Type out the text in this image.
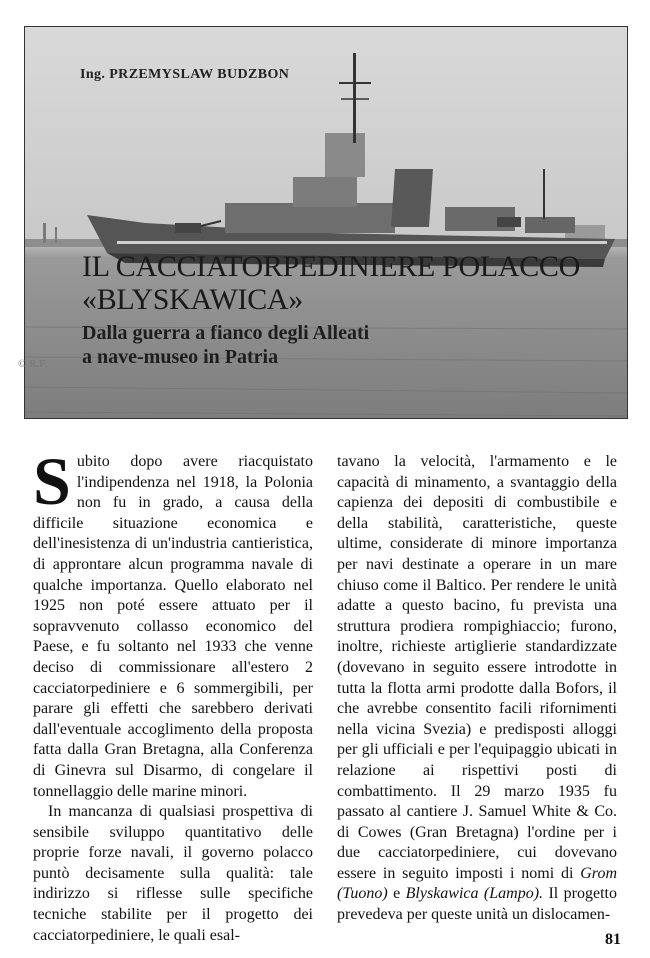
Ing. PRZEMYSLAW BUDZBON
IL CACCIATORPEDINIERE POLACCO
«BLYSKAWICA»
Dalla guerra a fianco degli Alleati
a nave-museo in Patria
© R.F.

Subito dopo avere riacquistato l'indipendenza nel 1918, la Polonia non fu in grado, a causa della difficile situazione economica e dell'inesistenza di un'industria cantieristica, di approntare alcun programma navale di qualche importanza. Quello elaborato nel 1925 non poté essere attuato per il sopravvenuto collasso economico del Paese, e fu soltanto nel 1933 che venne deciso di commissionare all'estero 2 cacciatorpediniere e 6 sommergibili, per parare gli effetti che sarebbero derivati dall'eventuale accoglimento della proposta fatta dalla Gran Bretagna, alla Conferenza di Ginevra sul Disarmo, di congelare il tonnellaggio delle marine minori.

In mancanza di qualsiasi prospettiva di sensibile sviluppo quantitativo delle proprie forze navali, il governo polacco puntò decisamente sulla qualità: tale indirizzo si riflesse sulle specifiche tecniche stabilite per il progetto dei cacciatorpediniere, le quali esal-

tavano la velocità, l'armamento e le capacità di minamento, a svantaggio della capienza dei depositi di combustibile e della stabilità, caratteristiche, queste ultime, considerate di minore importanza per navi destinate a operare in un mare chiuso come il Baltico. Per rendere le unità adatte a questo bacino, fu prevista una struttura prodiera rompighiaccio; furono, inoltre, richieste artiglierie standardizzate (dovevano in seguito essere introdotte in tutta la flotta armi prodotte dalla Bofors, il che avrebbe consentito facili rifornimenti nella vicina Svezia) e predisposti alloggi per gli ufficiali e per l'equipaggio ubicati in relazione ai rispettivi posti di combattimento. Il 29 marzo 1935 fu passato al cantiere J. Samuel White & Co. di Cowes (Gran Bretagna) l'ordine per i due cacciatorpediniere, cui dovevano essere in seguito imposti i nomi di Grom (Tuono) e Blyskawica (Lampo). Il progetto prevedeva per queste unità un dislocamen-

81
